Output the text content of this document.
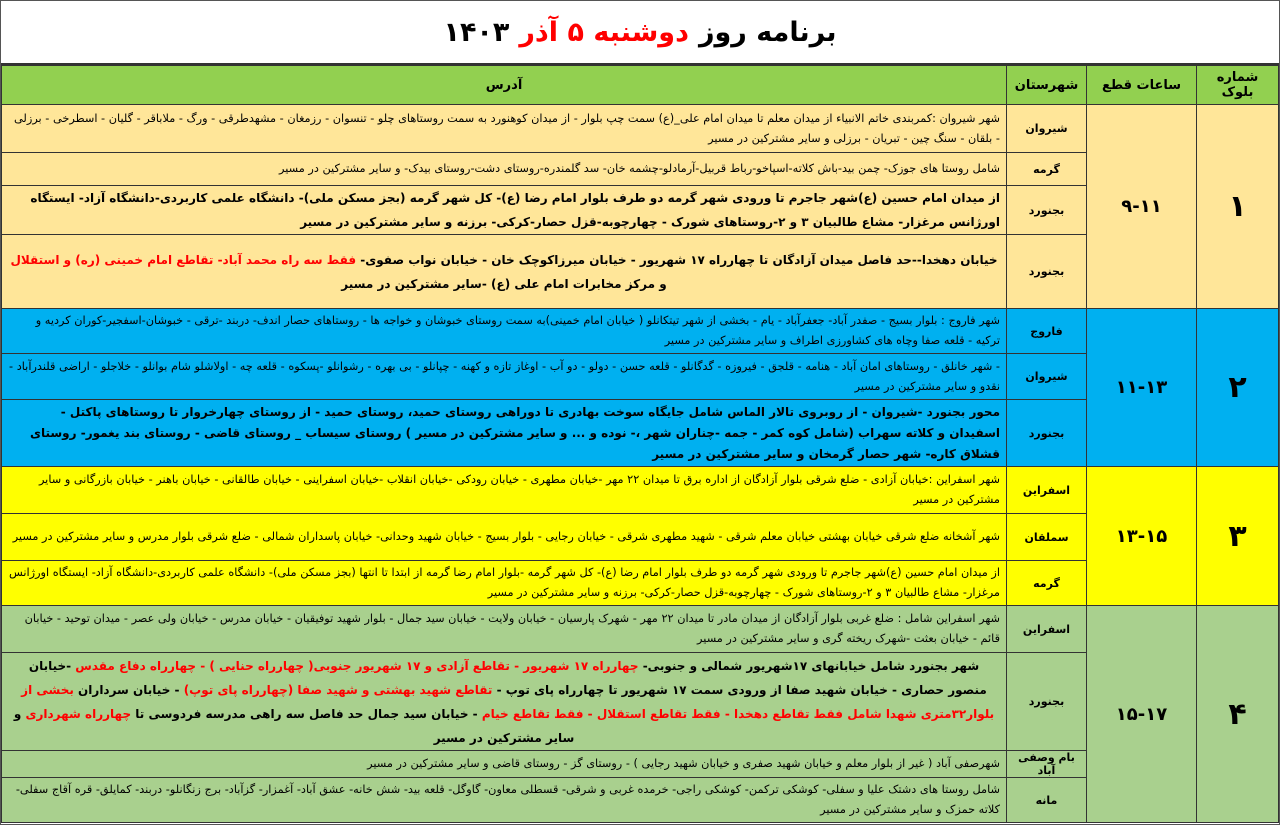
برنامه روز
دوشنبه ۵ آذر
۱۴۰۳
شماره بلوک	ساعات قطع	شهرستان	آدرس
۱	۹-۱۱	شیروان	شهر شیروان :کمربندی خاتم الانبیاء از میدان معلم تا میدان امام علی_(ع) سمت چپ بلوار - از میدان کوهنورد به سمت روستاهای چلو - تنسوان - رزمغان - مشهدطرقی - ورگ - ملاباقر - گلیان - اسطرخی - برزلی - بلقان - سنگ چین - تبریان - برزلی و سایر مشترکین در مسیر
		گرمه	شامل روستا های جوزک- چمن بید-باش کلاته-اسپاخو-رباط قربیل-آرمادلو-چشمه خان- سد گلمندره-روستای دشت-روستای بیدک- و سایر مشترکین در مسیر
		بجنورد	از میدان امام حسین (ع)شهر جاجرم تا ورودی شهر گرمه دو طرف بلوار امام رضا (ع)- کل شهر گرمه (بجز مسکن ملی)- دانشگاه علمی کاربردی-دانشگاه آزاد- ایستگاه اورژانس مرغزار- مشاع طالبیان ۳ و ۲-روستاهای شورک - چهارچوبه-قزل حصار-کرکی- برزنه و سایر مشترکین در مسیر
		بجنورد	خیابان دهخدا--حد فاصل میدان آزادگان تا چهارراه ۱۷ شهریور - خیابان میرزاکوچک خان - خیابان نواب صفوی- فقط سه راه محمد آباد- تقاطع امام خمینی (ره) و استقلال و مرکز مخابرات امام علی (ع) -سایر مشترکین در مسیر
۲	۱۱-۱۳	فاروج	شهر فاروج : بلوار بسیج - صفدر آباد- جعفرآباد - یام - بخشی از شهر تیتکانلو ( خیابان امام خمینی)به سمت روستای خبوشان و خواجه ها - روستاهای حصار اندف- دربند -ترقی - خبوشان-اسفجیر-کوران کردیه و ترکیه - قلعه صفا وچاه های کشاورزی اطراف و سایر مشترکین در مسیر
		شیروان	- شهر خانلق - روستاهای امان آباد - هنامه - قلجق - فیروزه - گدگانلو - قلعه حسن - دولو - دو آب - اوغاز تازه و کهنه - چپانلو - بی بهره - رشوانلو -پسکوه - قلعه چه - اولاشلو شام بوانلو - خلاجلو - اراضی قلندرآباد - نقدو و سایر مشترکین در مسیر
		بجنورد	محور بجنورد -شیروان - از روبروی تالار الماس شامل جایگاه سوخت بهادری تا دوراهی روستای حمید، روستای حمید - از روستای چهارخروار تا روستاهای پاکتل - اسفیدان و کلاته سهراب (شامل کوه کمر - جمه -چناران شهر ،- نوده و ... و سایر مشترکین در مسیر ) روستای سیساب _ روستای قاضی - روستای بند یغمور- روستای قشلاق کاره- شهر حصار گرمخان و سایر مشترکین در مسیر
۳	۱۳-۱۵	اسفراین	شهر اسفراین :خیابان آزادی - ضلع شرقی بلوار آزادگان از اداره برق تا میدان ۲۲ مهر -خیابان مطهری - خیابان رودکی -خیابان انقلاب -خیابان اسفراینی - خیابان طالقانی - خیابان باهنر - خیابان بازرگانی و سایر مشترکین در مسیر
		سملقان	شهر آشخانه ضلع شرقی خیابان بهشتی خیابان معلم شرقی - شهید مطهری شرقی - خیابان رجایی - بلوار بسیج - خیابان شهید وحدانی- خیابان پاسداران شمالی - ضلع شرقی بلوار مدرس و سایر مشترکین در مسیر
		گرمه	از میدان امام حسین (ع)شهر جاجرم تا ورودی شهر گرمه دو طرف بلوار امام رضا (ع)- کل شهر گرمه -بلوار امام رضا گرمه از ابتدا تا انتها (بجز مسکن ملی)- دانشگاه علمی کاربردی-دانشگاه آزاد- ایستگاه اورژانس مرغزار- مشاع طالبیان ۳ و ۲-روستاهای شورک - چهارچوبه-قزل حصار-کرکی- برزنه و سایر مشترکین در مسیر
۴	۱۵-۱۷	اسفراین	شهر اسفراین شامل : ضلع غربی بلوار آزادگان از میدان مادر تا میدان ۲۲ مهر - شهرک پارسیان - خیابان ولایت - خیابان سید جمال - بلوار شهید توفیقیان - خیابان مدرس - خیابان ولی عصر - میدان توحید - خیابان قائم - خیابان بعثت -شهرک ریخته گری و سایر مشترکین در مسیر
		بجنورد	شهر بجنورد شامل خیابانهای ۱۷شهریور شمالی و جنوبی- چهارراه ۱۷ شهریور - تقاطع آزادی و ۱۷ شهریور جنوبی( چهارراه حنایی ) - چهارراه دفاع مقدس -خیابان منصور حصاری - خیابان شهید صفا از ورودی سمت ۱۷ شهریور تا چهارراه پای توپ - تقاطع شهید بهشتی و شهید صفا (چهارراه پای توپ) - خیابان سرداران بخشی از بلوار۳۲متری شهدا شامل فقط تقاطع دهخدا - فقط تقاطع استقلال - فقط تقاطع خیام - خیابان سید جمال حد فاصل سه راهی مدرسه فردوسی تا چهارراه شهرداری و سایر مشترکین در مسیر
		بام وصفی آباد	شهرصفی آباد ( غیر از بلوار معلم و خیابان شهید صفری و خیابان شهید رجایی ) - روستای گز - روستای قاضی و سایر مشترکین در مسیر
		مانه	شامل روستا های دشتک علیا و سفلی- کوشکی ترکمن- کوشکی راجی- خرمده غربی و شرقی- قسطلی معاون- گاوگل- قلعه بید- شش خانه- عشق آباد- آغمزار- گزآباد- برج زنگانلو- دربند- کمایلق- قره آقاج سفلی- کلاته حمزک و سایر مشترکین در مسیر
